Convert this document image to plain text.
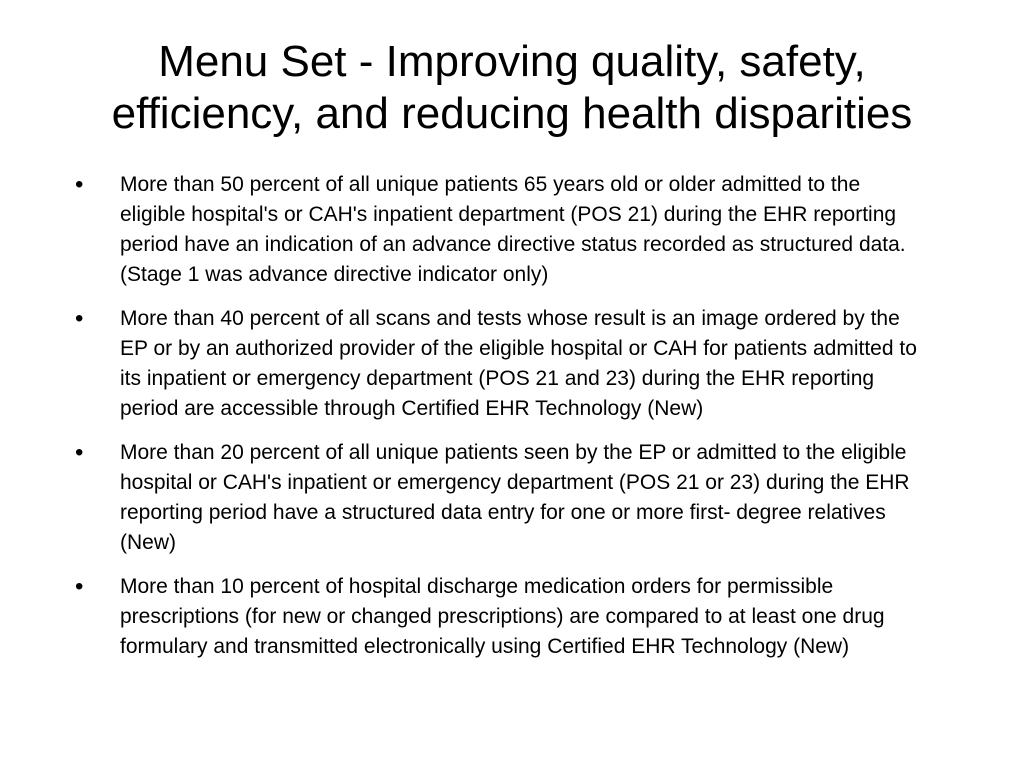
Menu Set - Improving quality, safety, efficiency, and reducing health disparities
• More than 50 percent of all unique patients 65 years old or older admitted to the eligible hospital's or CAH's inpatient department (POS 21) during the EHR reporting period have an indication of an advance directive status recorded as structured data. (Stage 1 was advance directive indicator only)
• More than 40 percent of all scans and tests whose result is an image ordered by the EP or by an authorized provider of the eligible hospital or CAH for patients admitted to its inpatient or emergency department (POS 21 and 23) during the EHR reporting period are accessible through Certified EHR Technology (New)
• More than 20 percent of all unique patients seen by the EP or admitted to the eligible hospital or CAH's inpatient or emergency department (POS 21 or 23) during the EHR reporting period have a structured data entry for one or more first- degree relatives (New)
• More than 10 percent of hospital discharge medication orders for permissible prescriptions (for new or changed prescriptions) are compared to at least one drug formulary and transmitted electronically using Certified EHR Technology (New)
